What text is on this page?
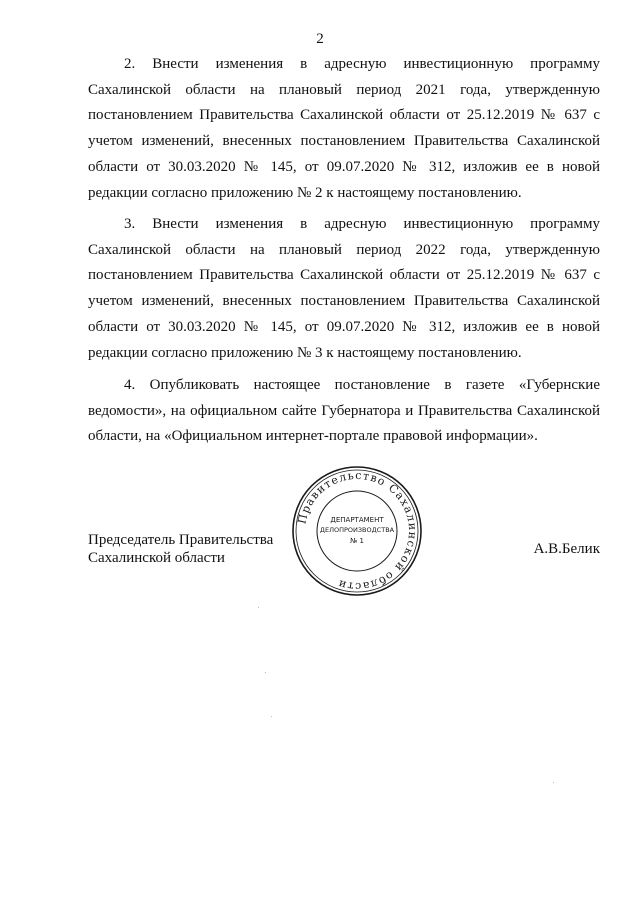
2

2. Внести изменения в адресную инвестиционную программу Сахалинской области на плановый период 2021 года, утвержденную постановлением Правительства Сахалинской области от 25.12.2019 № 637 с учетом изменений, внесенных постановлением Правительства Сахалинской области от 30.03.2020 № 145, от 09.07.2020 № 312, изложив ее в новой редакции согласно приложению № 2 к настоящему постановлению.

3. Внести изменения в адресную инвестиционную программу Сахалинской области на плановый период 2022 года, утвержденную постановлением Правительства Сахалинской области от 25.12.2019 № 637 с учетом изменений, внесенных постановлением Правительства Сахалинской области от 30.03.2020 № 145, от 09.07.2020 № 312, изложив ее в новой редакции согласно приложению № 3 к настоящему постановлению.

4. Опубликовать настоящее постановление в газете «Губернские ведомости», на официальном сайте Губернатора и Правительства Сахалинской области, на «Официальном интернет-портале правовой информации».

Председатель Правительства
Сахалинской области
Правительство Сахалинской области
ДЕПАРТАМЕНТ
ДЕЛОПРОИЗВОДСТВА
№ 1	А.В.Белик
